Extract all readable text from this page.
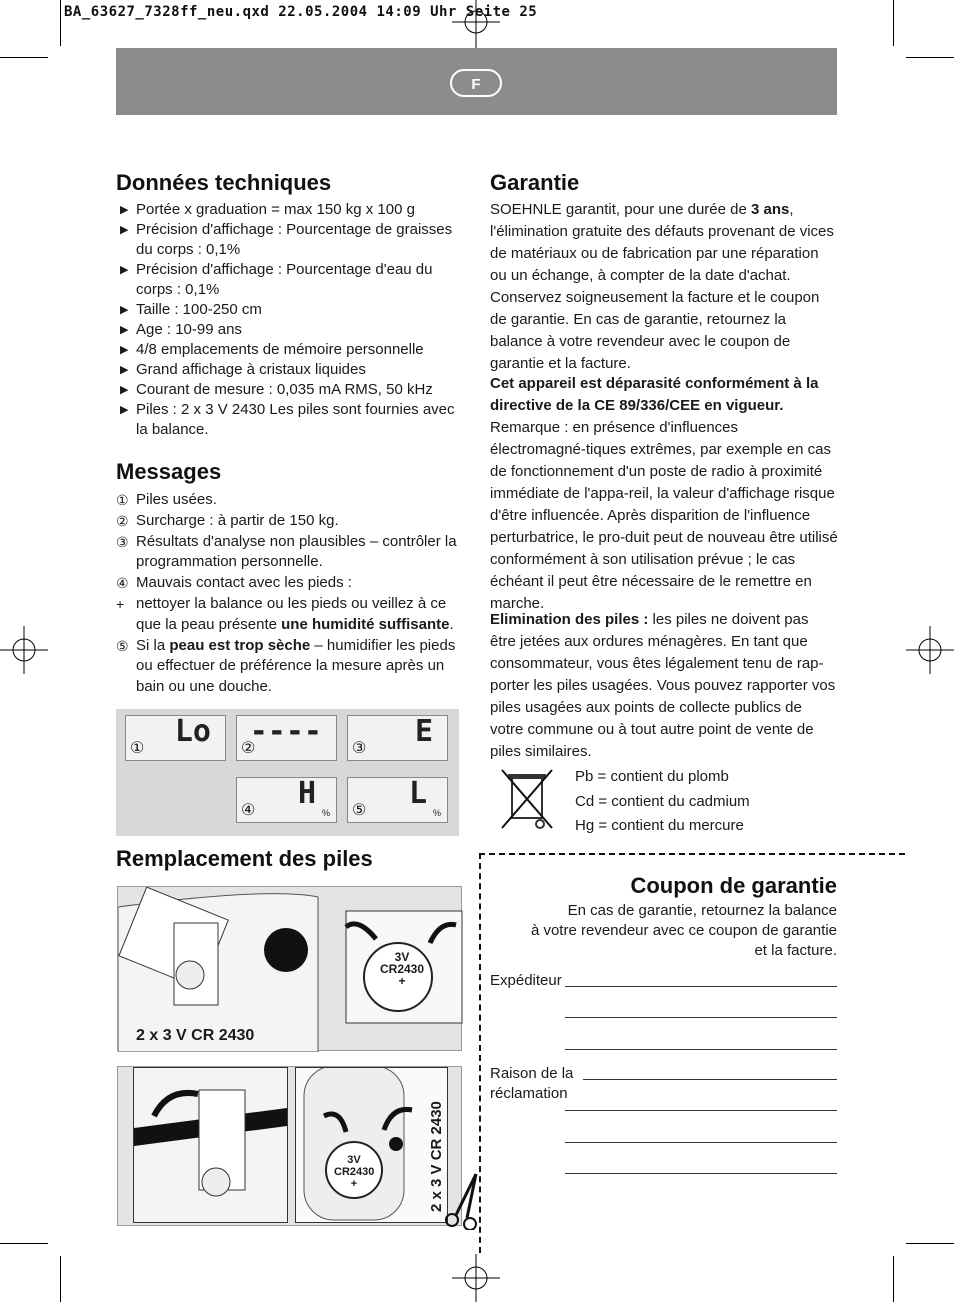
BA_63627_7328ff_neu.qxd 22.05.2004 14:09 Uhr Seite 25
F
Données techniques
▶ Portée x graduation = max 150 kg x 100 g
▶ Précision d'affichage : Pourcentage de graisses du corps : 0,1%
▶ Précision d'affichage : Pourcentage d'eau du corps : 0,1%
▶ Taille : 100-250 cm
▶ Age : 10-99 ans
▶ 4/8 emplacements de mémoire personnelle
▶ Grand affichage à cristaux liquides
▶ Courant de mesure : 0,035 mA RMS, 50 kHz
▶ Piles : 2 x 3 V 2430 Les piles sont fournies avec la balance.
Messages
① Piles usées.
② Surcharge : à partir de 150 kg.
③ Résultats d'analyse non plausibles – contrôler la programmation personnelle.
④ Mauvais contact avec les pieds :
+ nettoyer la balance ou les pieds ou veillez à ce que la peau présente une humidité suffisante.
⑤ Si la peau est trop sèche – humidifier les pieds ou effectuer de préférence la mesure après un bain ou une douche.
Lo
①	----
②	E
③
H
%
④	L
%
⑤
Remplacement des piles
3V
CR2430
+
2 x 3 V CR 2430
3V
CR2430
+	2 x 3 V CR 2430
Garantie

SOEHNLE garantit, pour une durée de 3 ans, l'élimination gratuite des défauts provenant de vices de matériaux ou de fabrication par une réparation ou un échange, à compter de la date d'achat. Conservez soigneusement la facture et le coupon de garantie. En cas de garantie, retournez la balance à votre revendeur avec le coupon de garantie et la facture.

Cet appareil est déparasité conformément à la directive de la CE 89/336/CEE en vigueur.

Remarque : en présence d'influences électromagné-tiques extrêmes, par exemple en cas de fonctionnement d'un poste de radio à proximité immédiate de l'appa-reil, la valeur d'affichage risque d'être influencée. Après disparition de l'influence perturbatrice, le pro-duit peut de nouveau être utilisé conformément à son utilisation prévue ; le cas échéant il peut être nécessaire de le remettre en marche.

Elimination des piles : les piles ne doivent pas être jetées aux ordures ménagères. En tant que consommateur, vous êtes légalement tenu de rap-porter les piles usagées. Vous pouvez rapporter vos piles usagées aux points de collecte publics de votre commune ou à tout autre point de vente de piles similaires.

Pb = contient du plomb
Cd = contient du cadmium
Hg = contient du mercure
Coupon de garantie
En cas de garantie, retournez la balance
à votre revendeur avec ce coupon de garantie
et la facture.
Expéditeur
Raison de la
réclamation
